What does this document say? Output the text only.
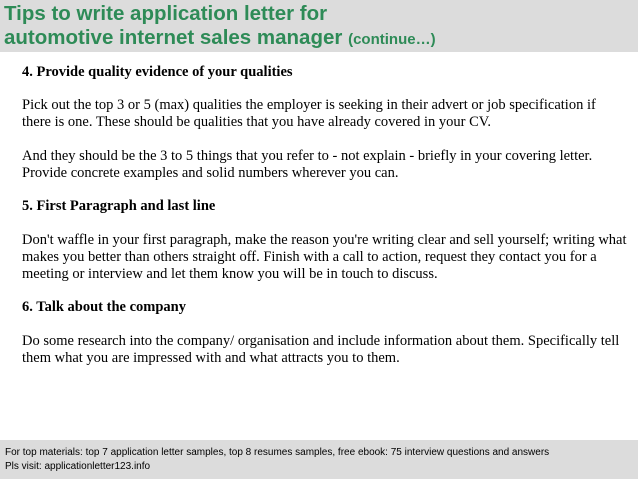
Tips to write application letter for
automotive internet sales manager (continue…)

4. Provide quality evidence of your qualities

Pick out the top 3 or 5 (max) qualities the employer is seeking in their advert or job specification if there is one. These should be qualities that you have already covered in your CV.

And they should be the 3 to 5 things that you refer to - not explain - briefly in your covering letter. Provide concrete examples and solid numbers wherever you can.

5. First Paragraph and last line

Don't waffle in your first paragraph, make the reason you're writing clear and sell yourself; writing what makes you better than others straight off. Finish with a call to action, request they contact you for a meeting or interview and let them know you will be in touch to discuss.

6. Talk about the company

Do some research into the company/ organisation and include information about them. Specifically tell them what you are impressed with and what attracts you to them.

For top materials: top 7 application letter samples, top 8 resumes samples, free ebook: 75 interview questions and answers

Pls visit: applicationletter123.info
